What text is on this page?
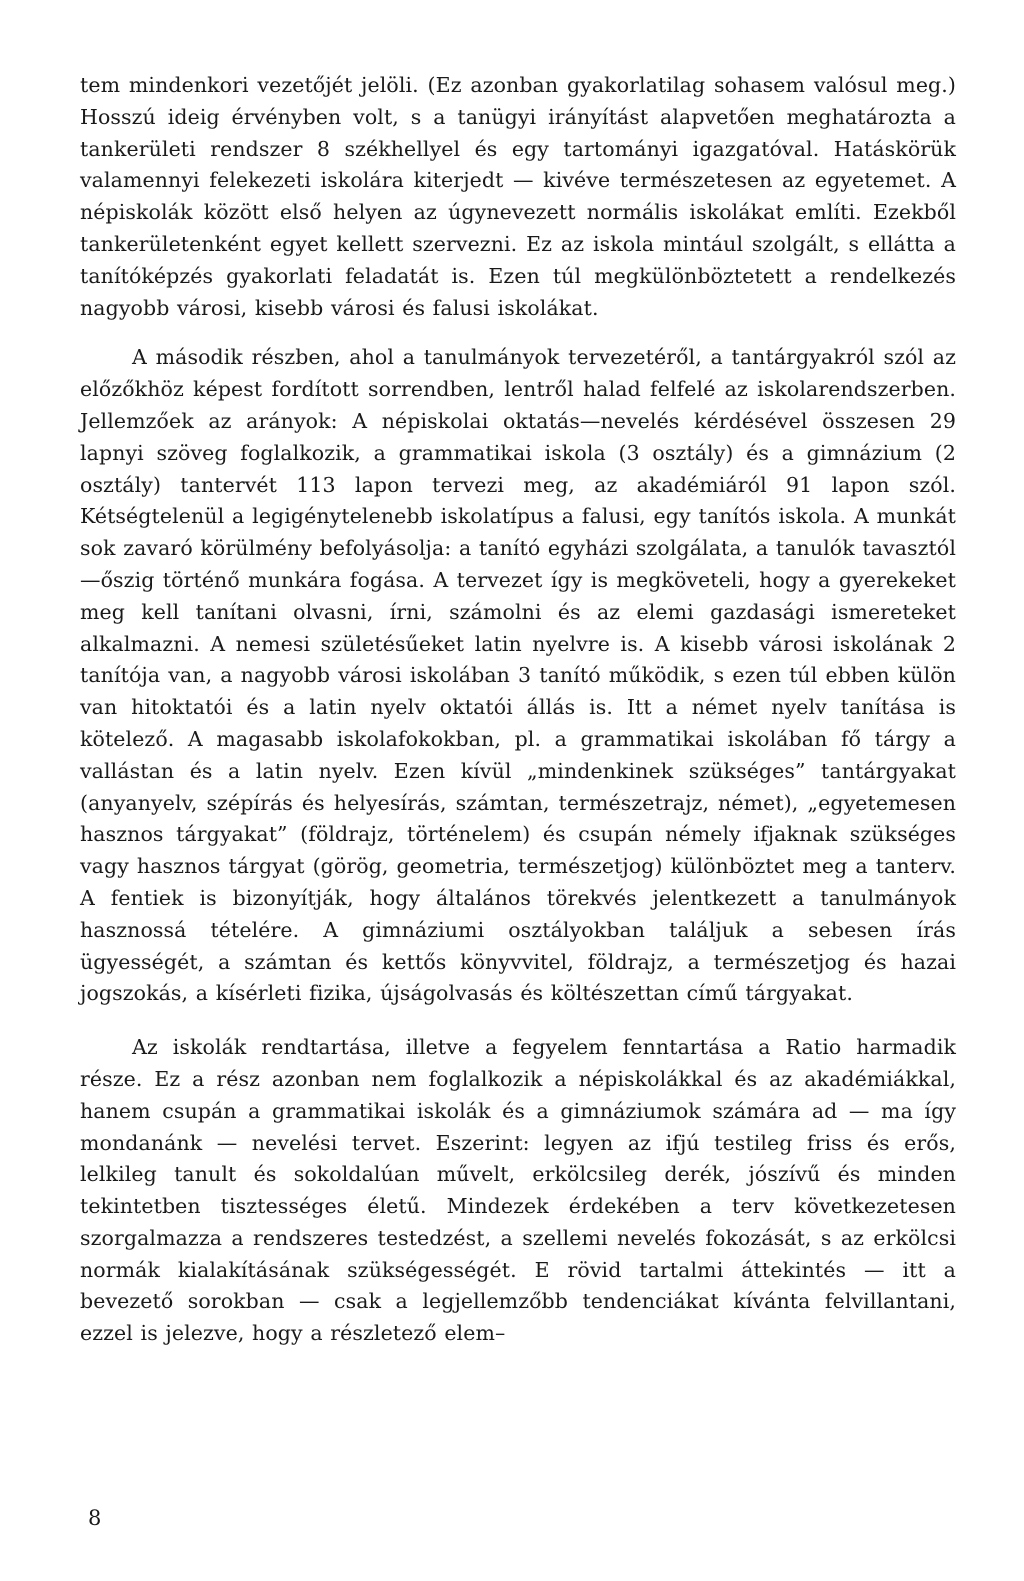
tem mindenkori vezetőjét jelöli. (Ez azonban gyakorlatilag sohasem valósul meg.) Hosszú ideig érvényben volt, s a tanügyi irányítást alapvetően meghatározta a tankerületi rendszer 8 székhellyel és egy tartományi igazgatóval. Hatáskörük valamennyi felekezeti iskolára kiterjedt — kivéve természetesen az egyetemet. A népiskolák között első helyen az úgynevezett normális iskolákat említi. Ezekből tankerületenként egyet kellett szervezni. Ez az iskola mintául szolgált, s ellátta a tanítóképzés gyakorlati feladatát is. Ezen túl megkülönböztetett a rendelkezés nagyobb városi, kisebb városi és falusi iskolákat.

A második részben, ahol a tanulmányok tervezetéről, a tantárgyakról szól az előzőkhöz képest fordított sorrendben, lentről halad felfelé az iskolarendszerben. Jellemzőek az arányok: A népiskolai oktatás—nevelés kérdésével összesen 29 lapnyi szöveg foglalkozik, a grammatikai iskola (3 osztály) és a gimnázium (2 osztály) tantervét 113 lapon tervezi meg, az akadémiáról 91 lapon szól. Kétségtelenül a legigénytelenebb iskolatípus a falusi, egy tanítós iskola. A munkát sok zavaró körülmény befolyásolja: a tanító egyházi szolgálata, a tanulók tavasztól—őszig történő munkára fogása. A tervezet így is megköveteli, hogy a gyerekeket meg kell tanítani olvasni, írni, számolni és az elemi gazdasági ismereteket alkalmazni. A nemesi születésűeket latin nyelvre is. A kisebb városi iskolának 2 tanítója van, a nagyobb városi iskolában 3 tanító működik, s ezen túl ebben külön van hitoktatói és a latin nyelv oktatói állás is. Itt a német nyelv tanítása is kötelező. A magasabb iskolafokokban, pl. a grammatikai iskolában fő tárgy a vallástan és a latin nyelv. Ezen kívül „mindenkinek szükséges” tantárgyakat (anyanyelv, szépírás és helyesírás, számtan, természetrajz, német), „egyetemesen hasznos tárgyakat” (földrajz, történelem) és csupán némely ifjaknak szükséges vagy hasznos tárgyat (görög, geometria, természetjog) különböztet meg a tanterv. A fentiek is bizonyítják, hogy általános törekvés jelentkezett a tanulmányok hasznossá tételére. A gimnáziumi osztályokban találjuk a sebesen írás ügyességét, a számtan és kettős könyvvitel, földrajz, a természetjog és hazai jogszokás, a kísérleti fizika, újságolvasás és költészettan című tárgyakat.

Az iskolák rendtartása, illetve a fegyelem fenntartása a Ratio harmadik része. Ez a rész azonban nem foglalkozik a népiskolákkal és az akadémiákkal, hanem csupán a grammatikai iskolák és a gimnáziumok számára ad — ma így mondanánk — nevelési tervet. Eszerint: legyen az ifjú testileg friss és erős, lelkileg tanult és sokoldalúan művelt, erkölcsileg derék, jószívű és minden tekintetben tisztességes életű. Mindezek érdekében a terv következetesen szorgalmazza a rendszeres testedzést, a szellemi nevelés fokozását, s az erkölcsi normák kialakításának szükségességét. E rövid tartalmi áttekintés — itt a bevezető sorokban — csak a legjellemzőbb tendenciákat kívánta felvillantani, ezzel is jelezve, hogy a részletező elem–

8
